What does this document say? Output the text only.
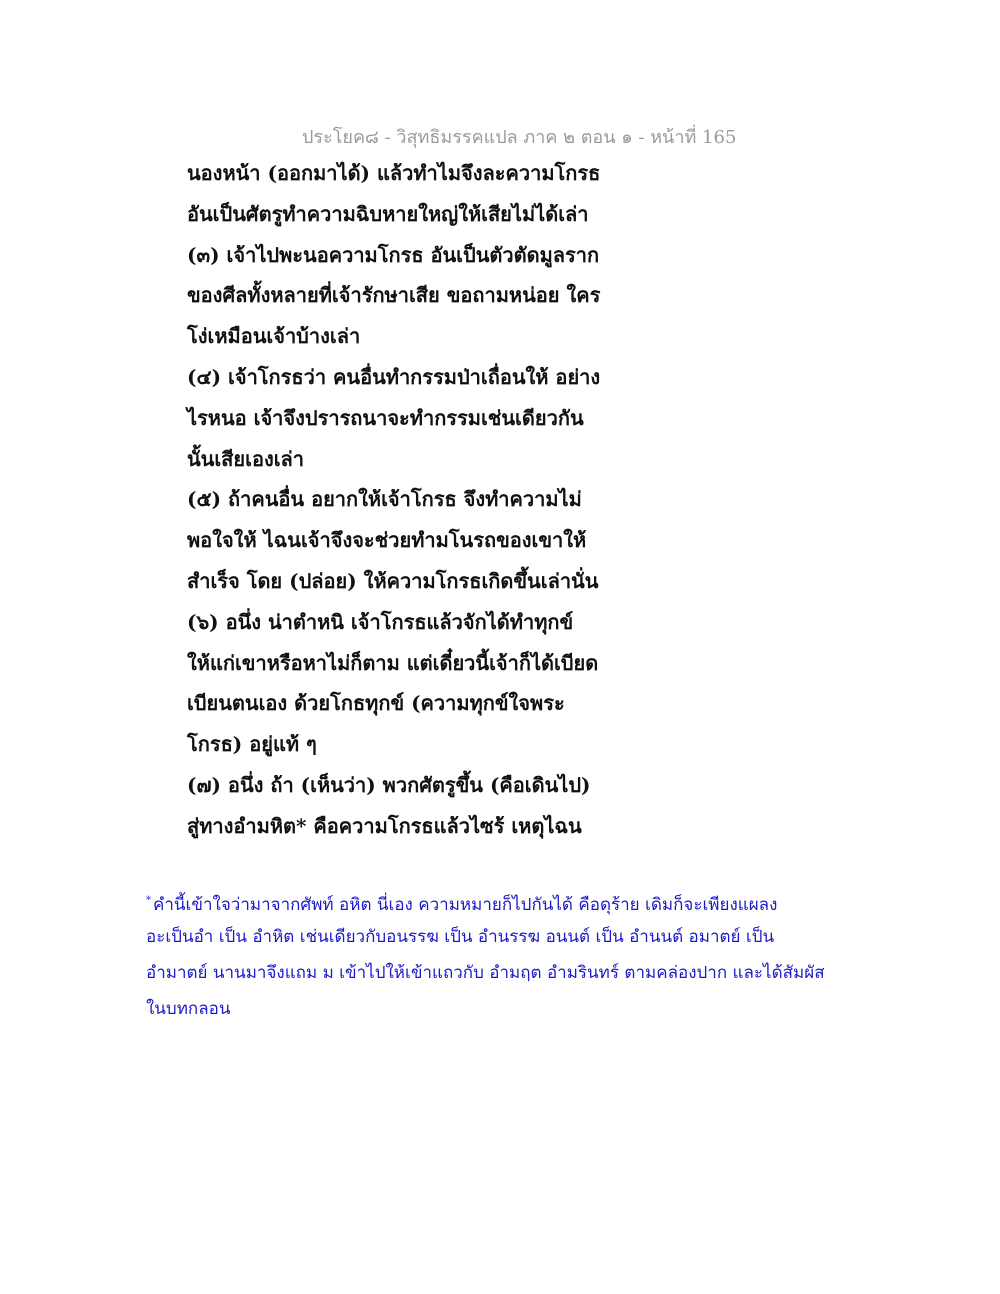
ประโยค๘ - วิสุทธิมรรคแปล ภาค ๒ ตอน ๑ - หน้าที่ 165
นองหน้า (ออกมาได้) แล้วทำไมจึงละความโกรธ
อันเป็นศัตรูทำความฉิบหายใหญ่ให้เสียไม่ได้เล่า
(๓) เจ้าไปพะนอความโกรธ อันเป็นตัวตัดมูลราก
ของศีลทั้งหลายที่เจ้ารักษาเสีย ขอถามหน่อย ใคร
โง่เหมือนเจ้าบ้างเล่า
(๔) เจ้าโกรธว่า คนอื่นทำกรรมป่าเถื่อนให้ อย่าง
ไรหนอ เจ้าจึงปรารถนาจะทำกรรมเช่นเดียวกัน
นั้นเสียเองเล่า
(๕) ถ้าคนอื่น อยากให้เจ้าโกรธ จึงทำความไม่
พอใจให้ ไฉนเจ้าจึงจะช่วยทำมโนรถของเขาให้
สำเร็จ โดย (ปล่อย) ให้ความโกรธเกิดขึ้นเล่านั่น
(๖) อนึ่ง น่าตำหนิ เจ้าโกรธแล้วจักได้ทำทุกข์
ให้แก่เขาหรือหาไม่ก็ตาม แต่เดี๋ยวนี้เจ้าก็ได้เบียด
เบียนตนเอง ด้วยโกธทุกข์ (ความทุกข์ใจพระ
โกรธ) อยู่แท้ ๆ
(๗) อนึ่ง ถ้า (เห็นว่า) พวกศัตรูขึ้น (คือเดินไป)
สู่ทางอำมหิต* คือความโกรธแล้วไซร้ เหตุไฉน
* คำนี้เข้าใจว่ามาจากศัพท์ อหิต นี่เอง ความหมายก็ไปกันได้ คือดุร้าย เดิมก็จะเพียงแผลง
อะเป็นอำ เป็น อำหิต เช่นเดียวกับอนรรฆ เป็น อำนรรฆ อนนต์ เป็น อำนนต์ อมาตย์ เป็น
อำมาตย์ นานมาจึงแถม ม เข้าไปให้เข้าแถวกับ อำมฤต อำมรินทร์ ตามคล่องปาก และได้สัมผัส
ในบทกลอน
